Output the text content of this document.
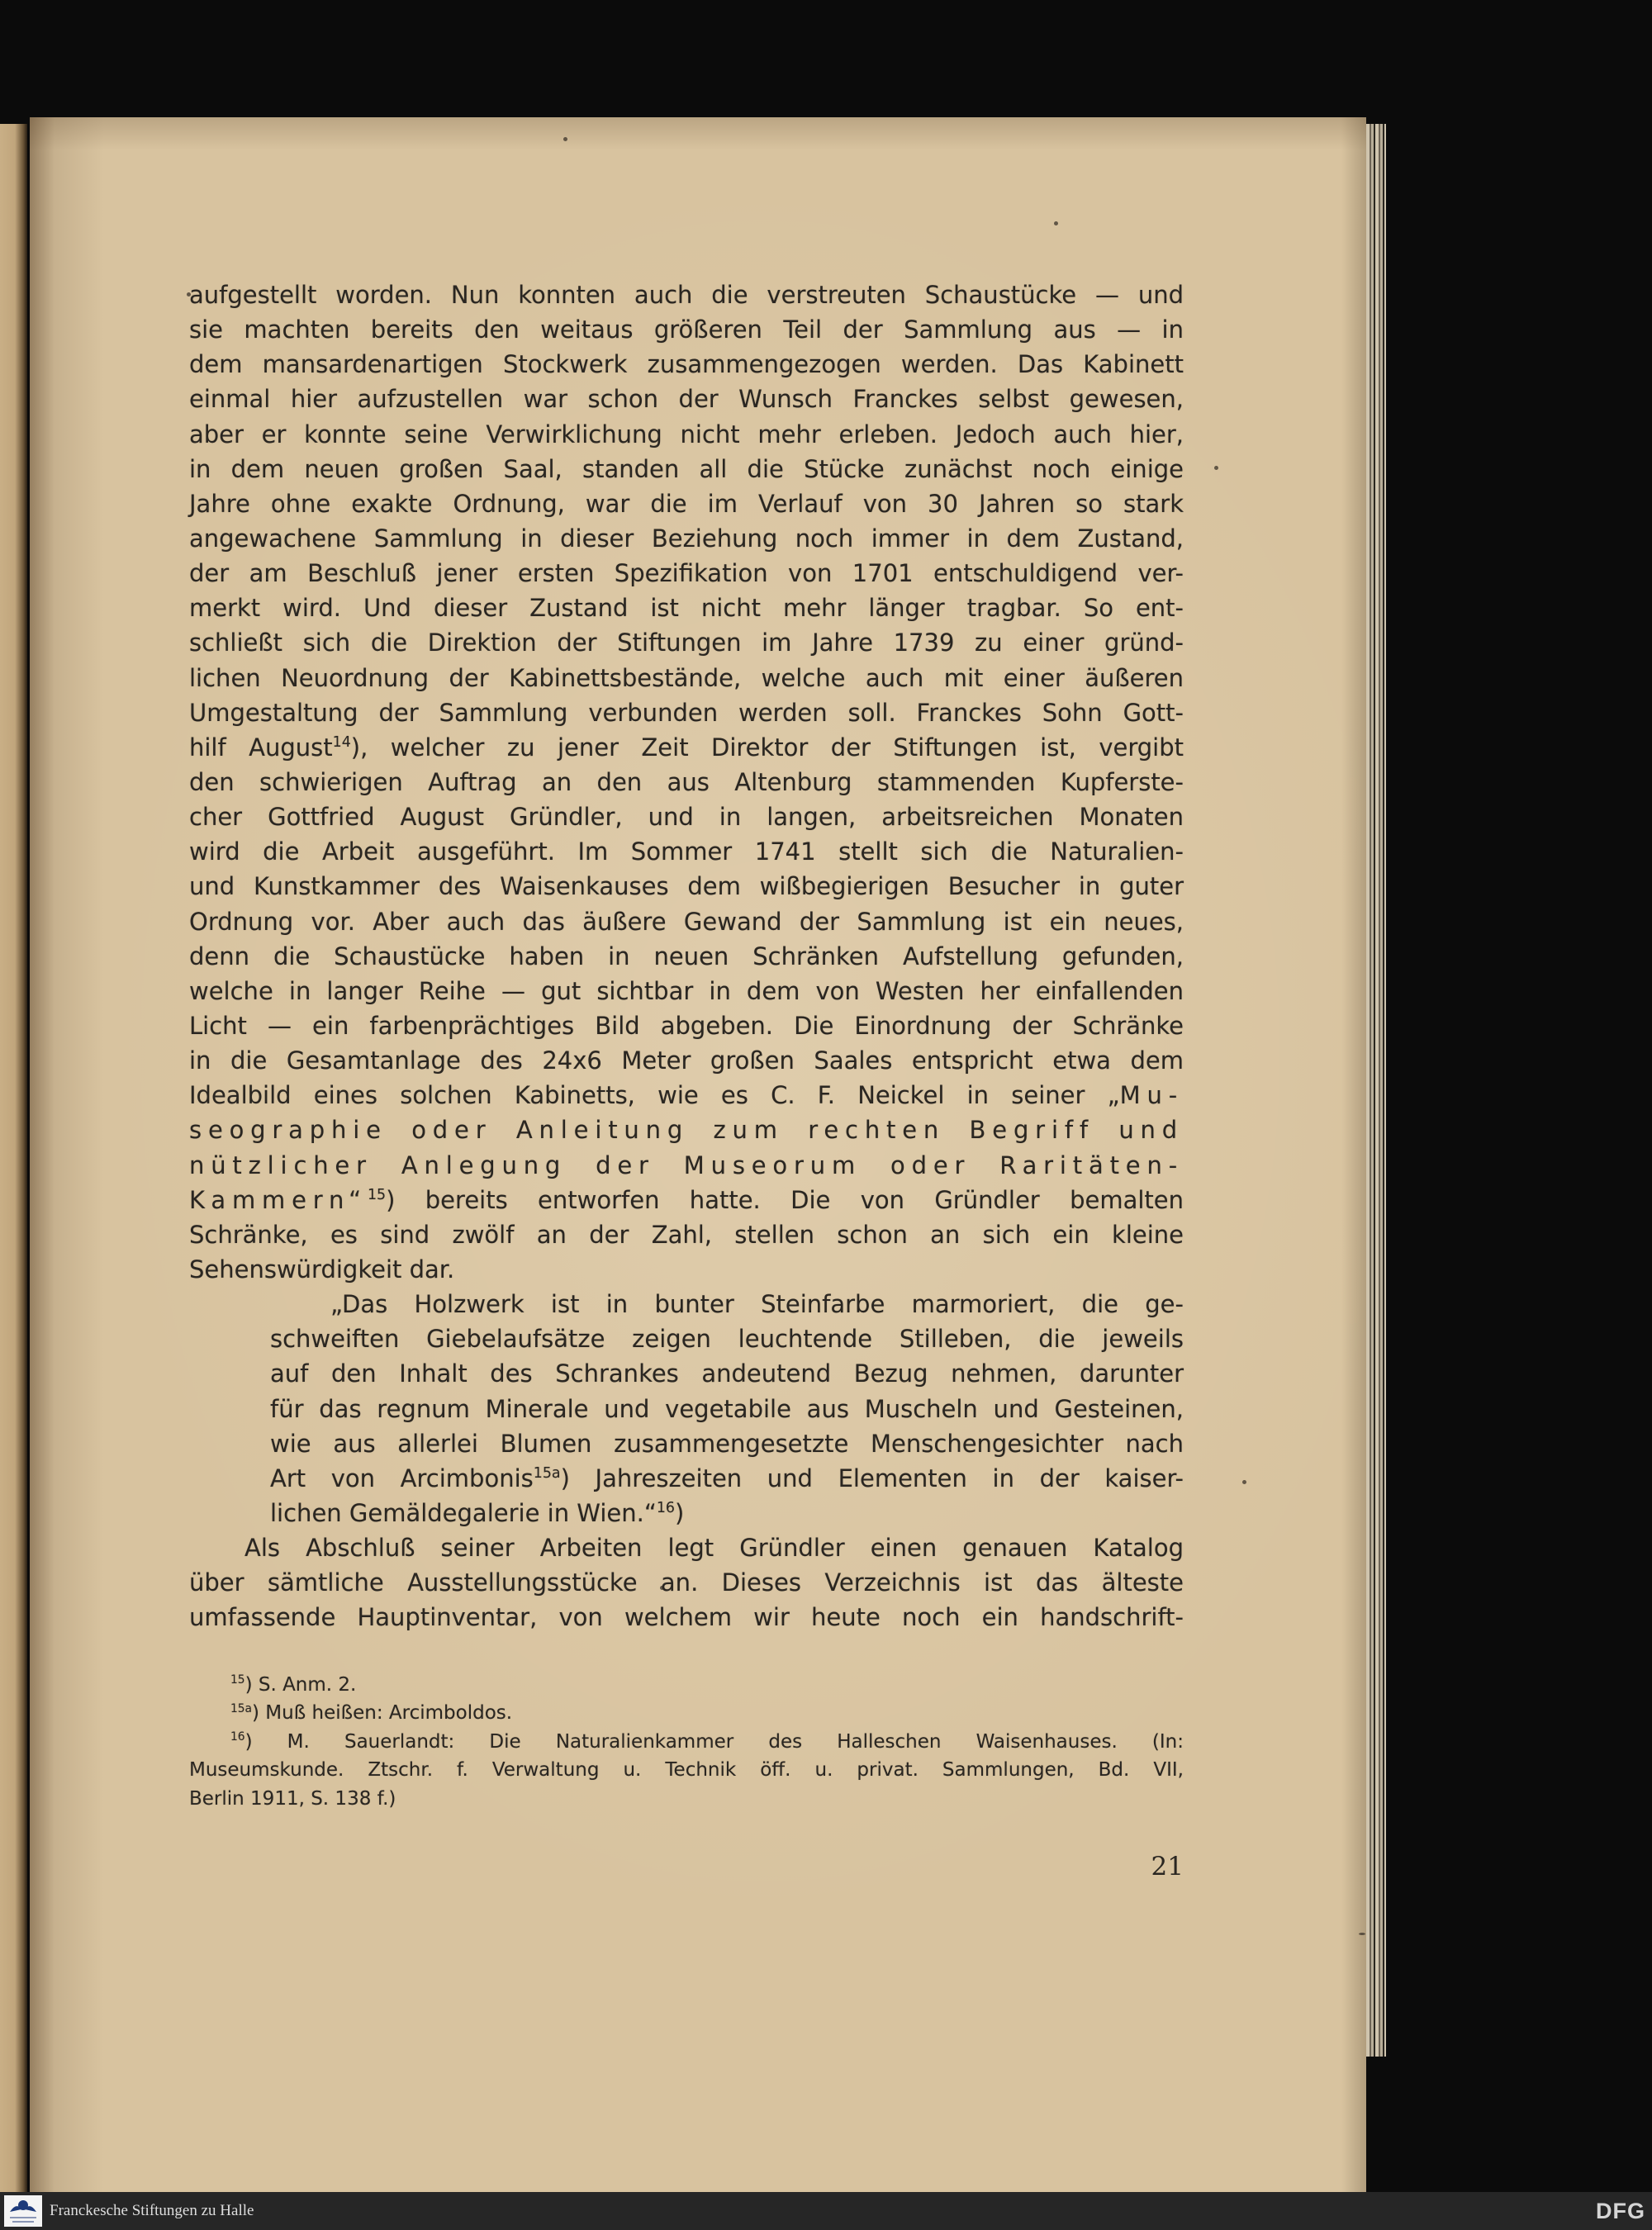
aufgestellt worden. Nun konnten auch die verstreuten Schaustücke — und
sie machten bereits den weitaus größeren Teil der Sammlung aus — in
dem mansardenartigen Stockwerk zusammengezogen werden. Das Kabinett
einmal hier aufzustellen war schon der Wunsch Franckes selbst gewesen,
aber er konnte seine Verwirklichung nicht mehr erleben. Jedoch auch hier,
in dem neuen großen Saal, standen all die Stücke zunächst noch einige
Jahre ohne exakte Ordnung, war die im Verlauf von 30 Jahren so stark
angewachene Sammlung in dieser Beziehung noch immer in dem Zustand,
der am Beschluß jener ersten Spezifikation von 1701 entschuldigend ver-
merkt wird. Und dieser Zustand ist nicht mehr länger tragbar. So ent-
schließt sich die Direktion der Stiftungen im Jahre 1739 zu einer gründ-
lichen Neuordnung der Kabinettsbestände, welche auch mit einer äußeren
Umgestaltung der Sammlung verbunden werden soll. Franckes Sohn Gott-
hilf August$^{14}$), welcher zu jener Zeit Direktor der Stiftungen ist, vergibt
den schwierigen Auftrag an den aus Altenburg stammenden Kupferste-
cher Gottfried August Gründler, und in langen, arbeitsreichen Monaten
wird die Arbeit ausgeführt. Im Sommer 1741 stellt sich die Naturalien-
und Kunstkammer des Waisenkauses dem wißbegierigen Besucher in guter
Ordnung vor. Aber auch das äußere Gewand der Sammlung ist ein neues,
denn die Schaustücke haben in neuen Schränken Aufstellung gefunden,
welche in langer Reihe — gut sichtbar in dem von Westen her einfallenden
Licht — ein farbenprächtiges Bild abgeben. Die Einordnung der Schränke
in die Gesamtanlage des 24x6 Meter großen Saales entspricht etwa dem
Idealbild eines solchen Kabinetts, wie es C. F. Neickel in seiner „Mu-
seographie oder Anleitung zum rechten Begriff und
nützlicher Anlegung der Museorum oder Raritäten-
Kammern“$^{15}$) bereits entworfen hatte. Die von Gründler bemalten
Schränke, es sind zwölf an der Zahl, stellen schon an sich ein kleine
Sehenswürdigkeit dar.
„Das Holzwerk ist in bunter Steinfarbe marmoriert, die ge-
schweiften Giebelaufsätze zeigen leuchtende Stilleben, die jeweils
auf den Inhalt des Schrankes andeutend Bezug nehmen, darunter
für das regnum Minerale und vegetabile aus Muscheln und Gesteinen,
wie aus allerlei Blumen zusammengesetzte Menschengesichter nach
Art von Arcimbonis$^{15a}$) Jahreszeiten und Elementen in der kaiser-
lichen Gemäldegalerie in Wien.“$^{16}$)
Als Abschluß seiner Arbeiten legt Gründler einen genauen Katalog
über sämtliche Ausstellungsstücke an. Dieses Verzeichnis ist das älteste
umfassende Hauptinventar, von welchem wir heute noch ein handschrift-
$^{15}$) S. Anm. 2.
$^{15a}$) Muß heißen: Arcimboldos.
$^{16}$) M. Sauerlandt: Die Naturalienkammer des Halleschen Waisenhauses. (In:
Museumskunde. Ztschr. f. Verwaltung u. Technik öff. u. privat. Sammlungen, Bd. VII,
Berlin 1911, S. 138 f.)
21
Franckesche Stiftungen zu Halle	DFG
